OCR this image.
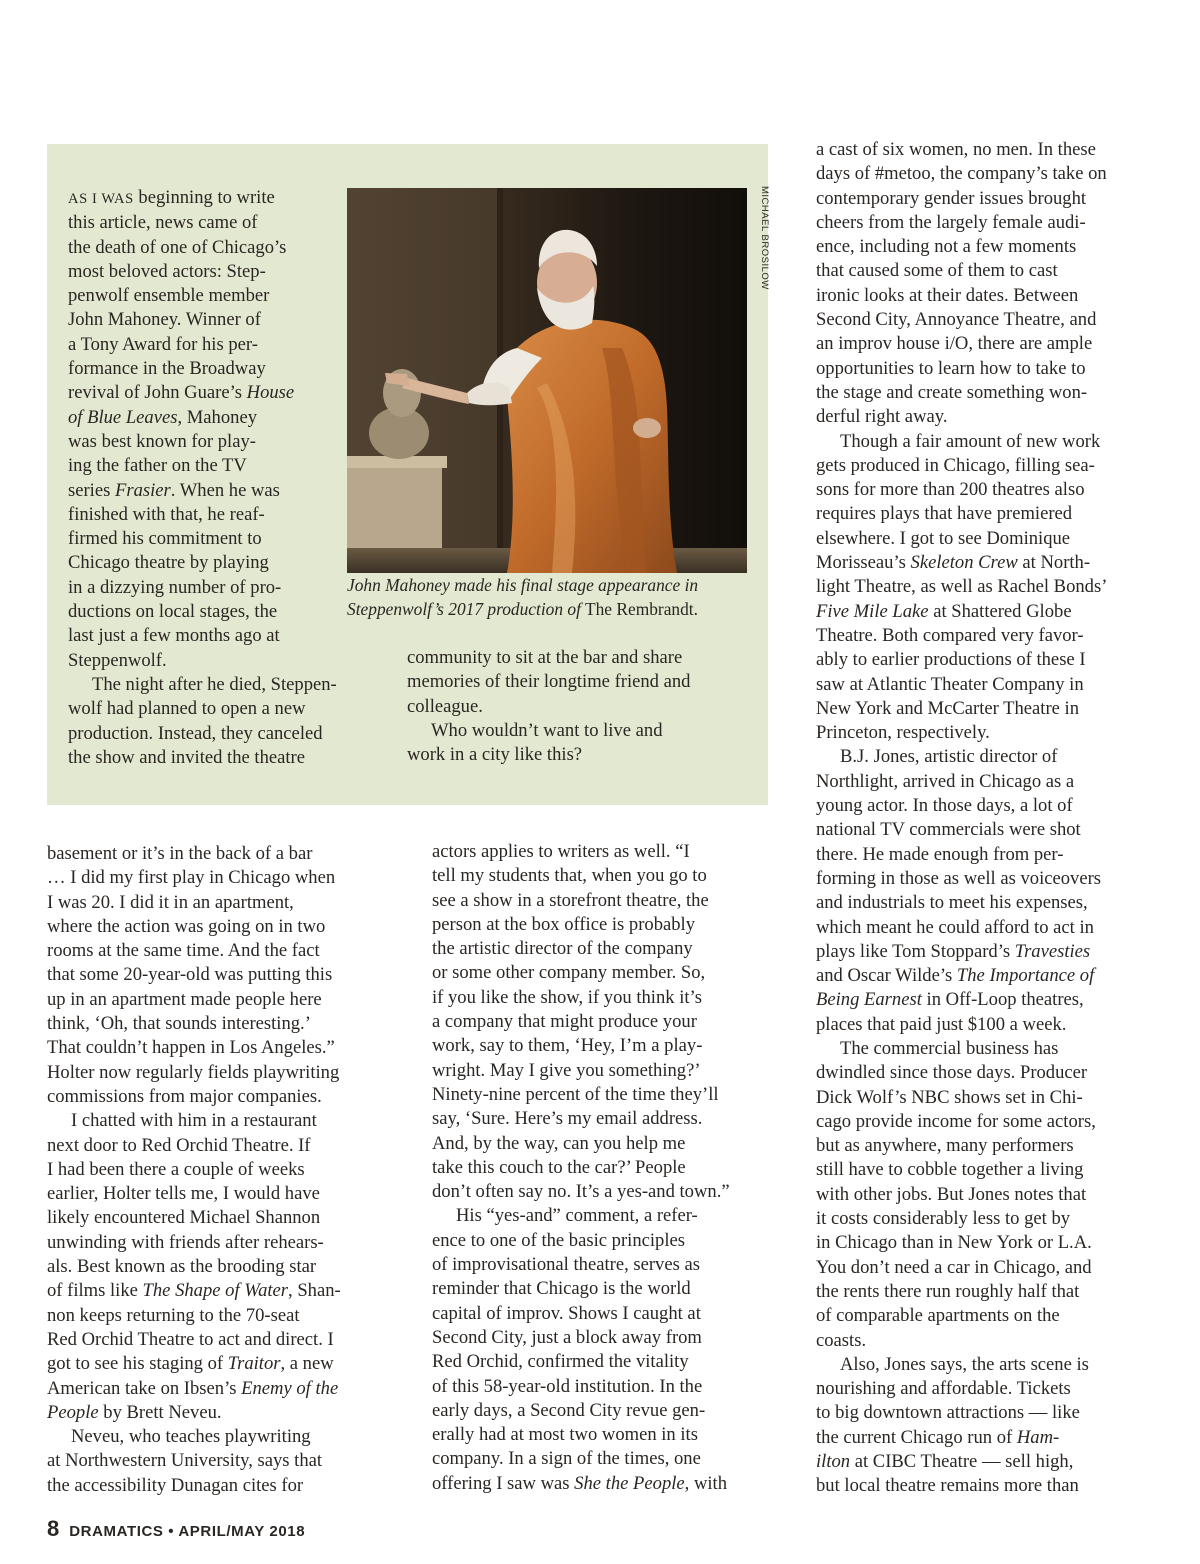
AS I WAS beginning to write
this article, news came of
the death of one of Chicago’s
most beloved actors: Step-
penwolf ensemble member
John Mahoney. Winner of
a Tony Award for his per-
formance in the Broadway
revival of John Guare’s House
of Blue Leaves, Mahoney
was best known for play-
ing the father on the TV
series Frasier. When he was
finished with that, he reaf-
firmed his commitment to
Chicago theatre by playing
in a dizzying number of pro-
ductions on local stages, the
last just a few months ago at
Steppenwolf.
The night after he died, Steppen-
wolf had planned to open a new
production. Instead, they canceled
the show and invited the theatre
MICHAEL BROSILOW
John Mahoney made his final stage appearance in
Steppenwolf’s 2017 production of The Rembrandt.
community to sit at the bar and share
memories of their longtime friend and
colleague.
Who wouldn’t want to live and
work in a city like this?
basement or it’s in the back of a bar
… I did my first play in Chicago when
I was 20. I did it in an apartment,
where the action was going on in two
rooms at the same time. And the fact
that some 20-year-old was putting this
up in an apartment made people here
think, ‘Oh, that sounds interesting.’
That couldn’t happen in Los Angeles.”
Holter now regularly fields playwriting
commissions from major companies.
I chatted with him in a restaurant
next door to Red Orchid Theatre. If
I had been there a couple of weeks
earlier, Holter tells me, I would have
likely encountered Michael Shannon
unwinding with friends after rehears-
als. Best known as the brooding star
of films like The Shape of Water, Shan-
non keeps returning to the 70-seat
Red Orchid Theatre to act and direct. I
got to see his staging of Traitor, a new
American take on Ibsen’s Enemy of the
People by Brett Neveu.
Neveu, who teaches playwriting
at Northwestern University, says that
the accessibility Dunagan cites for
actors applies to writers as well. “I
tell my students that, when you go to
see a show in a storefront theatre, the
person at the box office is probably
the artistic director of the company
or some other company member. So,
if you like the show, if you think it’s
a company that might produce your
work, say to them, ‘Hey, I’m a play-
wright. May I give you something?’
Ninety-nine percent of the time they’ll
say, ‘Sure. Here’s my email address.
And, by the way, can you help me
take this couch to the car?’ People
don’t often say no. It’s a yes-and town.”
His “yes-and” comment, a refer-
ence to one of the basic principles
of improvisational theatre, serves as
reminder that Chicago is the world
capital of improv. Shows I caught at
Second City, just a block away from
Red Orchid, confirmed the vitality
of this 58-year-old institution. In the
early days, a Second City revue gen-
erally had at most two women in its
company. In a sign of the times, one
offering I saw was She the People, with
a cast of six women, no men. In these
days of #metoo, the company’s take on
contemporary gender issues brought
cheers from the largely female audi-
ence, including not a few moments
that caused some of them to cast
ironic looks at their dates. Between
Second City, Annoyance Theatre, and
an improv house i/O, there are ample
opportunities to learn how to take to
the stage and create something won-
derful right away.
Though a fair amount of new work
gets produced in Chicago, filling sea-
sons for more than 200 theatres also
requires plays that have premiered
elsewhere. I got to see Dominique
Morisseau’s Skeleton Crew at North-
light Theatre, as well as Rachel Bonds’
Five Mile Lake at Shattered Globe
Theatre. Both compared very favor-
ably to earlier productions of these I
saw at Atlantic Theater Company in
New York and McCarter Theatre in
Princeton, respectively.
B.J. Jones, artistic director of
Northlight, arrived in Chicago as a
young actor. In those days, a lot of
national TV commercials were shot
there. He made enough from per-
forming in those as well as voiceovers
and industrials to meet his expenses,
which meant he could afford to act in
plays like Tom Stoppard’s Travesties
and Oscar Wilde’s The Importance of
Being Earnest in Off-Loop theatres,
places that paid just $100 a week.
The commercial business has
dwindled since those days. Producer
Dick Wolf’s NBC shows set in Chi-
cago provide income for some actors,
but as anywhere, many performers
still have to cobble together a living
with other jobs. But Jones notes that
it costs considerably less to get by
in Chicago than in New York or L.A.
You don’t need a car in Chicago, and
the rents there run roughly half that
of comparable apartments on the
coasts.
Also, Jones says, the arts scene is
nourishing and affordable. Tickets
to big downtown attractions — like
the current Chicago run of Ham-
ilton at CIBC Theatre — sell high,
but local theatre remains more than
8 DRAMATICS • APRIL/MAY 2018
